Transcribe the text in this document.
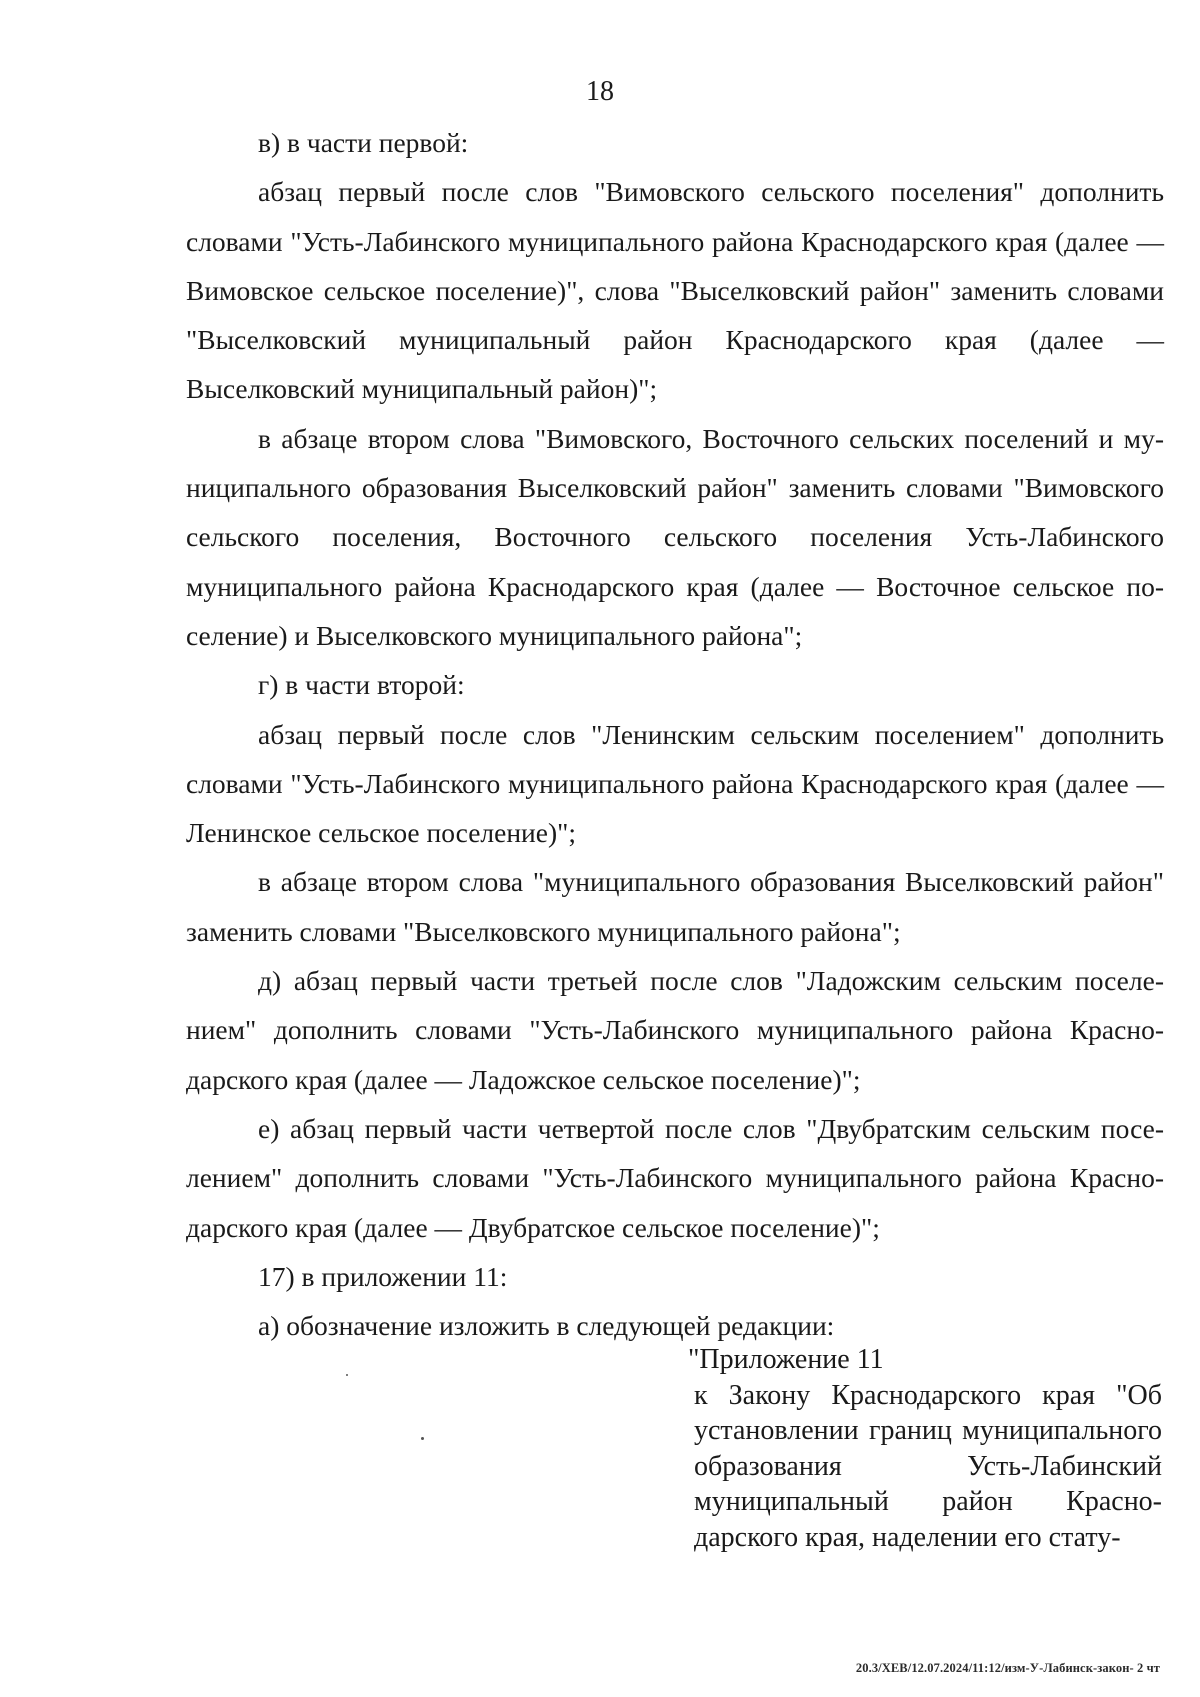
18

в) в части первой:

абзац первый после слов "Вимовского сельского поселения" дополнить словами "Усть-Лабинского муниципального района Краснодарского края (далее — Вимовское сельское поселение)", слова "Выселковский район" заменить словами "Выселковский муниципальный район Краснодарского края (далее — Выселковский муниципальный район)";

в абзаце втором слова "Вимовского, Восточного сельских поселений и муниципального образования Выселковский район" заменить словами "Вимовского сельского поселения, Восточного сельского поселения Усть-Лабинского муниципального района Краснодарского края (далее — Восточное сельское поселение) и Выселковского муниципального района";

г) в части второй:

абзац первый после слов "Ленинским сельским поселением" дополнить словами "Усть-Лабинского муниципального района Краснодарского края (далее — Ленинское сельское поселение)";

в абзаце втором слова "муниципального образования Выселковский район" заменить словами "Выселковского муниципального района";

д) абзац первый части третьей после слов "Ладожским сельским поселением" дополнить словами "Усть-Лабинского муниципального района Краснодарского края (далее — Ладожское сельское поселение)";

е) абзац первый части четвертой после слов "Двубратским сельским поселением" дополнить словами "Усть-Лабинского муниципального района Краснодарского края (далее — Двубратское сельское поселение)";

17) в приложении 11:

а) обозначение изложить в следующей редакции:

"Приложение 11

к Закону Краснодарского края "Об установлении границ муниципального образования Усть-Лабинский муниципальный район Краснодарского края, наделении его стату-

20.3/ХЕВ/12.07.2024/11:12/изм-У-Лабинск-закон- 2 чт
